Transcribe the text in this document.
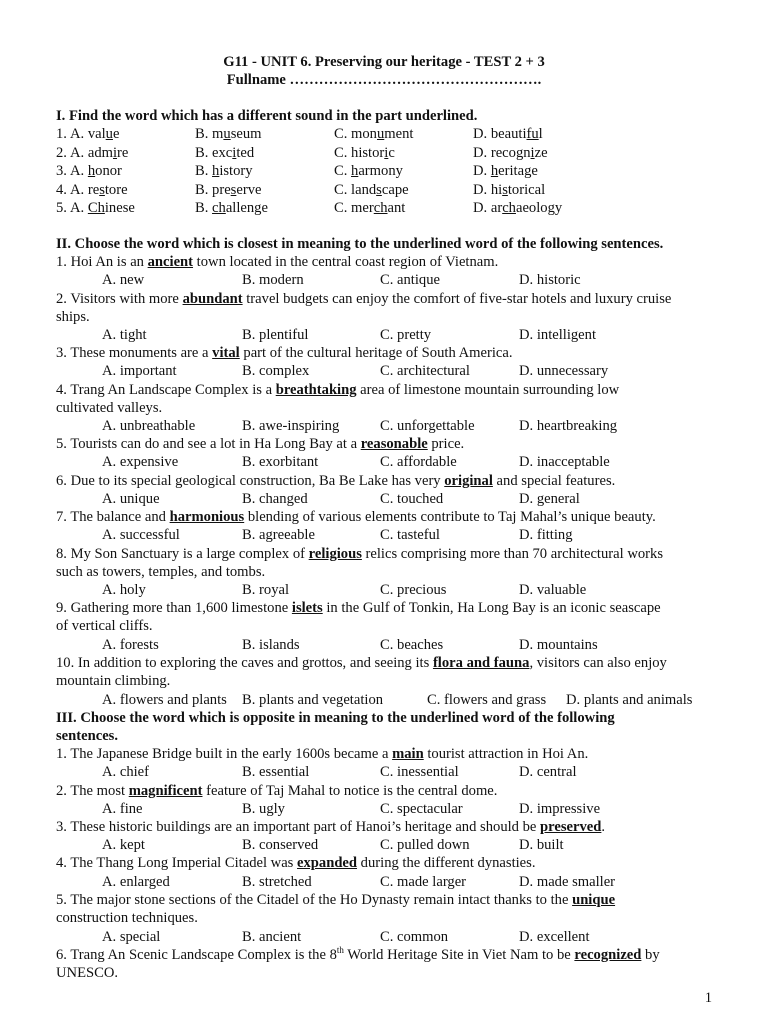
G11 - UNIT 6. Preserving our heritage - TEST 2 + 3
Fullname …………………………………………….
I. Find the word which has a different sound in the part underlined.
1. A. value	B. museum	C. monument	D. beautiful
2. A. admire	B. excited	C. historic	D. recognize
3. A. honor	B. history	C. harmony	D. heritage
4. A. restore	B. preserve	C. landscape	D. historical
5. A. Chinese	B. challenge	C. merchant	D. archaeology
II. Choose the word which is closest in meaning to the underlined word of the following sentences.
1. Hoi An is an ancient town located in the central coast region of Vietnam.
A. new	B. modern	C. antique	D. historic
2. Visitors with more abundant travel budgets can enjoy the comfort of five-star hotels and luxury cruise
ships.
A. tight	B. plentiful	C. pretty	D. intelligent
3. These monuments are a vital part of the cultural heritage of South America.
A. important	B. complex	C. architectural	D. unnecessary
4. Trang An Landscape Complex is a breathtaking area of limestone mountain surrounding low
cultivated valleys.
A. unbreathable	B. awe-inspiring	C. unforgettable	D. heartbreaking
5. Tourists can do and see a lot in Ha Long Bay at a reasonable price.
A. expensive	B. exorbitant	C. affordable	D. inacceptable
6. Due to its special geological construction, Ba Be Lake has very original and special features.
A. unique	B. changed	C. touched	D. general
7. The balance and harmonious blending of various elements contribute to Taj Mahal’s unique beauty.
A. successful	B. agreeable	C. tasteful	D. fitting
8. My Son Sanctuary is a large complex of religious relics comprising more than 70 architectural works
such as towers, temples, and tombs.
A. holy	B. royal	C. precious	D. valuable
9. Gathering more than 1,600 limestone islets in the Gulf of Tonkin, Ha Long Bay is an iconic seascape
of vertical cliffs.
A. forests	B. islands	C. beaches	D. mountains
10. In addition to exploring the caves and grottos, and seeing its flora and fauna, visitors can also enjoy
mountain climbing.
A. flowers and plants B. plants and vegetation	C. flowers and grass D. plants and animals
III. Choose the word which is opposite in meaning to the underlined word of the following
sentences.
1. The Japanese Bridge built in the early 1600s became a main tourist attraction in Hoi An.
A. chief	B. essential	C. inessential	D. central
2. The most magnificent feature of Taj Mahal to notice is the central dome.
A. fine	B. ugly	C. spectacular	D. impressive
3. These historic buildings are an important part of Hanoi’s heritage and should be preserved.
A. kept	B. conserved	C. pulled down	D. built
4. The Thang Long Imperial Citadel was expanded during the different dynasties.
A. enlarged	B. stretched	C. made larger	D. made smaller
5. The major stone sections of the Citadel of the Ho Dynasty remain intact thanks to the unique
construction techniques.
A. special	B. ancient	C. common	D. excellent
6. Trang An Scenic Landscape Complex is the 8th World Heritage Site in Viet Nam to be recognized by
UNESCO.
1
